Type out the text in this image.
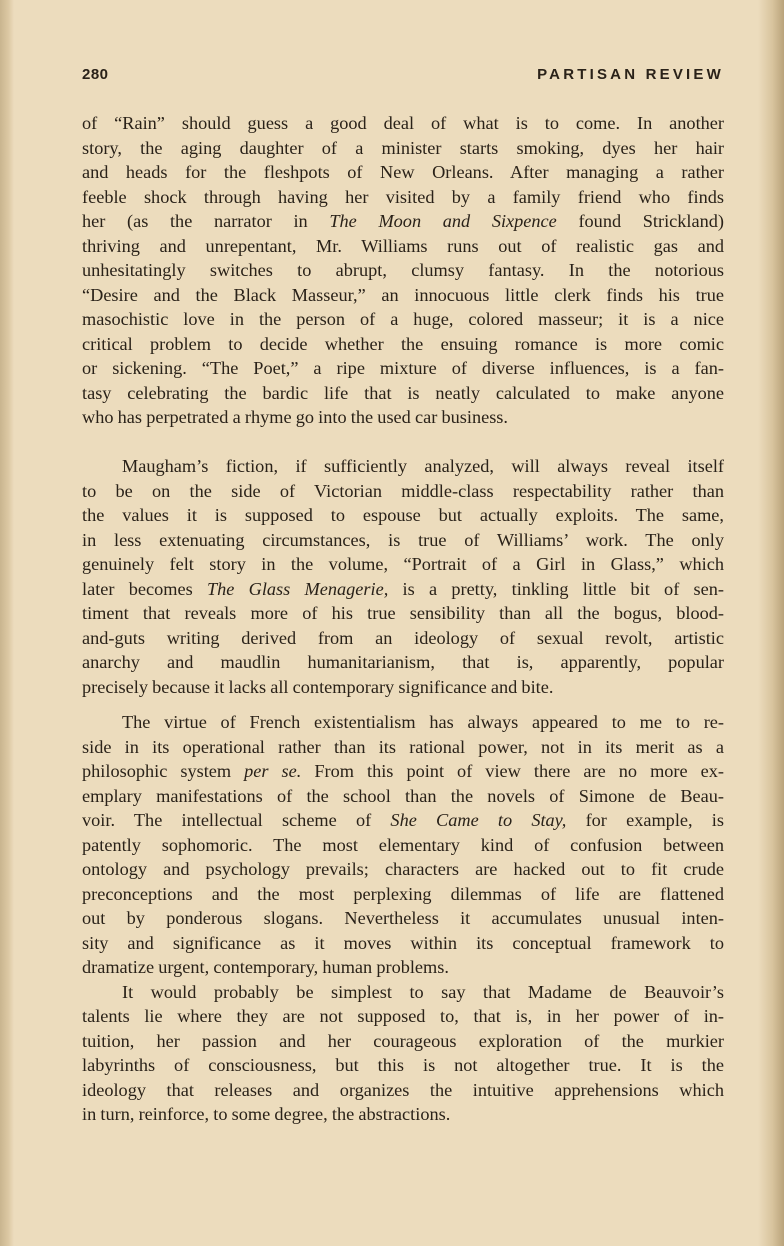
280	PARTISAN REVIEW
of “Rain” should guess a good deal of what is to come. In another
story, the aging daughter of a minister starts smoking, dyes her hair
and heads for the fleshpots of New Orleans. After managing a rather
feeble shock through having her visited by a family friend who finds
her (as the narrator in The Moon and Sixpence found Strickland)
thriving and unrepentant, Mr. Williams runs out of realistic gas and
unhesitatingly switches to abrupt, clumsy fantasy. In the notorious
“Desire and the Black Masseur,” an innocuous little clerk finds his true
masochistic love in the person of a huge, colored masseur; it is a nice
critical problem to decide whether the ensuing romance is more comic
or sickening. “The Poet,” a ripe mixture of diverse influences, is a fan-
tasy celebrating the bardic life that is neatly calculated to make anyone
who has perpetrated a rhyme go into the used car business.
Maugham’s fiction, if sufficiently analyzed, will always reveal itself
to be on the side of Victorian middle-class respectability rather than
the values it is supposed to espouse but actually exploits. The same,
in less extenuating circumstances, is true of Williams’ work. The only
genuinely felt story in the volume, “Portrait of a Girl in Glass,” which
later becomes The Glass Menagerie, is a pretty, tinkling little bit of sen-
timent that reveals more of his true sensibility than all the bogus, blood-
and-guts writing derived from an ideology of sexual revolt, artistic
anarchy and maudlin humanitarianism, that is, apparently, popular
precisely because it lacks all contemporary significance and bite.
The virtue of French existentialism has always appeared to me to re-
side in its operational rather than its rational power, not in its merit as a
philosophic system per se. From this point of view there are no more ex-
emplary manifestations of the school than the novels of Simone de Beau-
voir. The intellectual scheme of She Came to Stay, for example, is
patently sophomoric. The most elementary kind of confusion between
ontology and psychology prevails; characters are hacked out to fit crude
preconceptions and the most perplexing dilemmas of life are flattened
out by ponderous slogans. Nevertheless it accumulates unusual inten-
sity and significance as it moves within its conceptual framework to
dramatize urgent, contemporary, human problems.
It would probably be simplest to say that Madame de Beauvoir’s
talents lie where they are not supposed to, that is, in her power of in-
tuition, her passion and her courageous exploration of the murkier
labyrinths of consciousness, but this is not altogether true. It is the
ideology that releases and organizes the intuitive apprehensions which
in turn, reinforce, to some degree, the abstractions.
